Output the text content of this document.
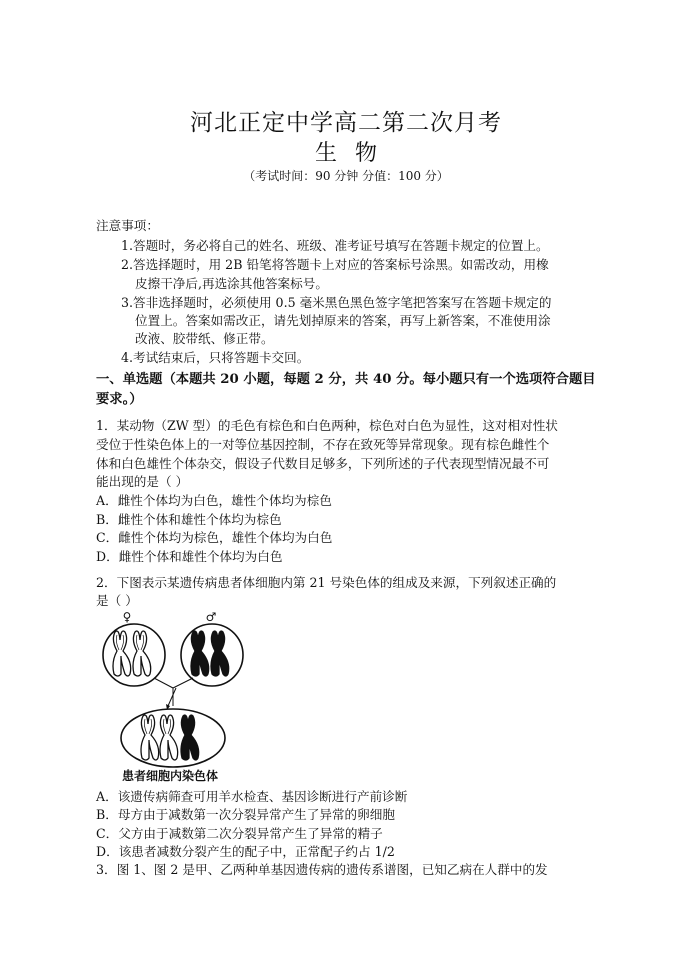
河北正定中学高二第二次月考
生物
（考试时间：90 分钟 分值：100 分）
注意事项：
1.答题时，务必将自己的姓名、班级、准考证号填写在答题卡规定的位置上。
2.答选择题时，用 2B 铅笔将答题卡上对应的答案标号涂黑。如需改动，用橡
皮擦干净后,再选涂其他答案标号。
3.答非选择题时，必须使用 0.5 毫米黑色黑色签字笔把答案写在答题卡规定的
位置上。答案如需改正，请先划掉原来的答案，再写上新答案，不准使用涂
改液、胶带纸、修正带。
4.考试结束后，只将答题卡交回。
一、单选题（本题共 20 小题，每题 2 分，共 40 分。每小题只有一个选项符合题目
要求。）
1．某动物（ZW 型）的毛色有棕色和白色两种，棕色对白色为显性，这对相对性状
受位于性染色体上的一对等位基因控制，不存在致死等异常现象。现有棕色雌性个
体和白色雄性个体杂交，假设子代数目足够多，下列所述的子代表现型情况最不可
能出现的是（ ）
A．雌性个体均为白色，雄性个体均为棕色
B．雌性个体和雄性个体均为棕色
C．雌性个体均为棕色，雄性个体均为白色
D．雌性个体和雄性个体均为白色
2．下图表示某遗传病患者体细胞内第 21 号染色体的组成及来源，下列叙述正确的
是（ ）
♀	♂
患者细胞内染色体
A．该遗传病筛查可用羊水检查、基因诊断进行产前诊断
B．母方由于减数第一次分裂异常产生了异常的卵细胞
C．父方由于减数第二次分裂异常产生了异常的精子
D．该患者减数分裂产生的配子中，正常配子约占 1/2
3．图 1、图 2 是甲、乙两种单基因遗传病的遗传系谱图，已知乙病在人群中的发
